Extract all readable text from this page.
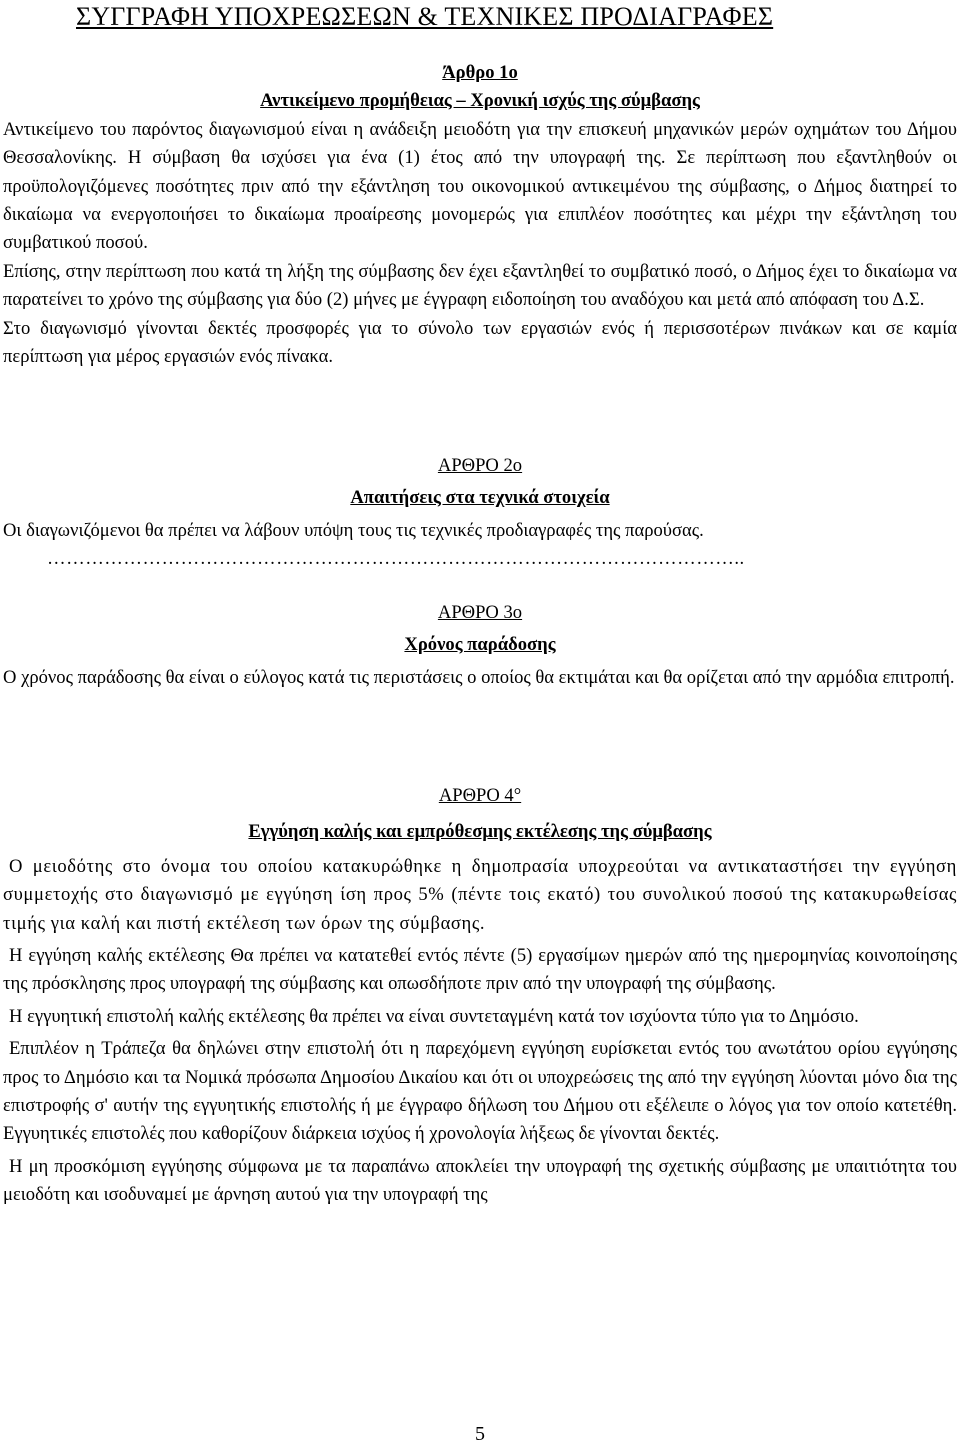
ΣΥΓΓΡΑΦΗ ΥΠΟΧΡΕΩΣΕΩΝ & ΤΕΧΝΙΚΕΣ ΠΡΟΔΙΑΓΡΑΦΕΣ

Άρθρο 1ο

Αντικείμενο προμήθειας – Χρονική ισχύς της σύμβασης

Αντικείμενο του παρόντος διαγωνισμού είναι η ανάδειξη μειοδότη για την επισκευή μηχανικών μερών οχημάτων του Δήμου Θεσσαλονίκης. Η σύμβαση θα ισχύσει για ένα (1) έτος από την υπογραφή της. Σε περίπτωση που εξαντληθούν οι προϋπολογιζόμενες ποσότητες πριν από την εξάντληση του οικονομικού αντικειμένου της σύμβασης, ο Δήμος διατηρεί το δικαίωμα να ενεργοποιήσει το δικαίωμα προαίρεσης μονομερώς για επιπλέον ποσότητες και μέχρι την εξάντληση του συμβατικού ποσού.

Επίσης, στην περίπτωση που κατά τη λήξη της σύμβασης δεν έχει εξαντληθεί το συμβατικό ποσό, ο Δήμος έχει το δικαίωμα να παρατείνει το χρόνο της σύμβασης για δύο (2) μήνες με έγγραφη ειδοποίηση του αναδόχου και μετά από απόφαση του Δ.Σ.

Στο διαγωνισμό γίνονται δεκτές προσφορές για το σύνολο των εργασιών ενός ή περισσοτέρων πινάκων και σε καμία περίπτωση για μέρος εργασιών ενός πίνακα.

ΑΡΘΡΟ 2ο

Απαιτήσεις στα τεχνικά στοιχεία

Οι διαγωνιζόμενοι θα πρέπει να λάβουν υπόψη τους τις τεχνικές προδιαγραφές της παρούσας.

………………………………………………………………………………………………..

ΑΡΘΡΟ 3ο

Χρόνος παράδοσης

Ο χρόνος παράδοσης θα είναι ο εύλογος κατά τις περιστάσεις ο οποίος θα εκτιμάται και θα ορίζεται από την αρμόδια επιτροπή.

ΑΡΘΡΟ 4°

Εγγύηση καλής και εμπρόθεσμης εκτέλεσης της σύμβασης

Ο μειοδότης στο όνομα του οποίου κατακυρώθηκε η δημοπρασία υποχρεούται να αντικαταστήσει την εγγύηση συμμετοχής στο διαγωνισμό με εγγύηση ίση προς 5% (πέντε τοις εκατό) του συνολικού ποσού της κατακυρωθείσας τιμής για καλή και πιστή εκτέλεση των όρων της σύμβασης.

Η εγγύηση καλής εκτέλεσης Θα πρέπει να κατατεθεί εντός πέντε (5) εργασίμων ημερών από της ημερομηνίας κοινοποίησης της πρόσκλησης προς υπογραφή της σύμβασης και οπωσδήποτε πριν από την υπογραφή της σύμβασης.

Η εγγυητική επιστολή καλής εκτέλεσης θα πρέπει να είναι συντεταγμένη κατά τον ισχύοντα τύπο για το Δημόσιο.

Επιπλέον η Τράπεζα θα δηλώνει στην επιστολή ότι η παρεχόμενη εγγύηση ευρίσκεται εντός του ανωτάτου ορίου εγγύησης προς το Δημόσιο και τα Νομικά πρόσωπα Δημοσίου Δικαίου και ότι οι υποχρεώσεις της από την εγγύηση λύονται μόνο δια της επιστροφής σ' αυτήν της εγγυητικής επιστολής ή με έγγραφο δήλωση του Δήμου οτι εξέλειπε ο λόγος για τον οποίο κατετέθη. Εγγυητικές επιστολές που καθορίζουν διάρκεια ισχύος ή χρονολογία λήξεως δε γίνονται δεκτές.

Η μη προσκόμιση εγγύησης σύμφωνα με τα παραπάνω αποκλείει την υπογραφή της σχετικής σύμβασης με υπαιτιότητα του μειοδότη και ισοδυναμεί με άρνηση αυτού για την υπογραφή της

5
